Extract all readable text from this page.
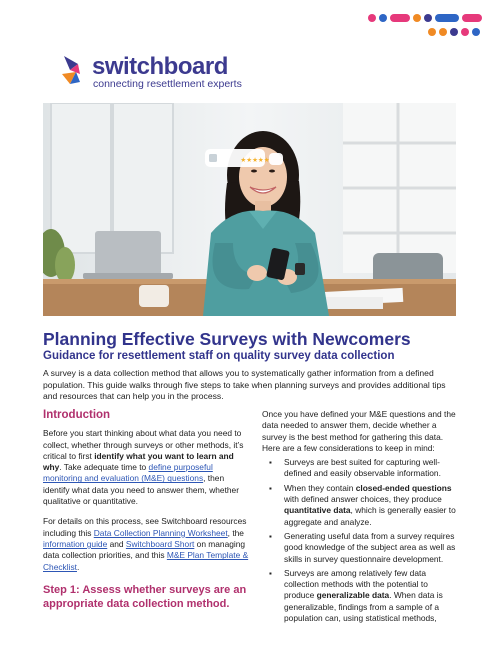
switchboard
connecting resettlement experts
★★★★★
Planning Effective Surveys with Newcomers
Guidance for resettlement staff on quality survey data collection
A survey is a data collection method that allows you to systematically gather information from a defined population. This guide walks through five steps to take when planning surveys and provides additional tips and resources that can help you in the process.
Introduction

Before you start thinking about what data you need to collect, whether through surveys or other methods, it’s critical to first identify what you want to learn and why. Take adequate time to define purposeful monitoring and evaluation (M&E) questions, then identify what data you need to answer them, whether qualitative or quantitative.

For details on this process, see Switchboard resources including this Data Collection Planning Worksheet, the information guide and Switchboard Short on managing data collection priorities, and this M&E Plan Template & Checklist.

Step 1: Assess whether surveys are an appropriate data collection method.

Once you have defined your M&E questions and the data needed to answer them, decide whether a survey is the best method for gathering this data. Here are a few considerations to keep in mind:

▪ Surveys are best suited for capturing well-defined and easily observable information.
▪ When they contain closed-ended questions with defined answer choices, they produce quantitative data, which is generally easier to aggregate and analyze.
▪ Generating useful data from a survey requires good knowledge of the subject area as well as skills in survey questionnaire development.
▪ Surveys are among relatively few data collection methods with the potential to produce generalizable data. When data is generalizable, findings from a sample of a population can, using statistical methods,
